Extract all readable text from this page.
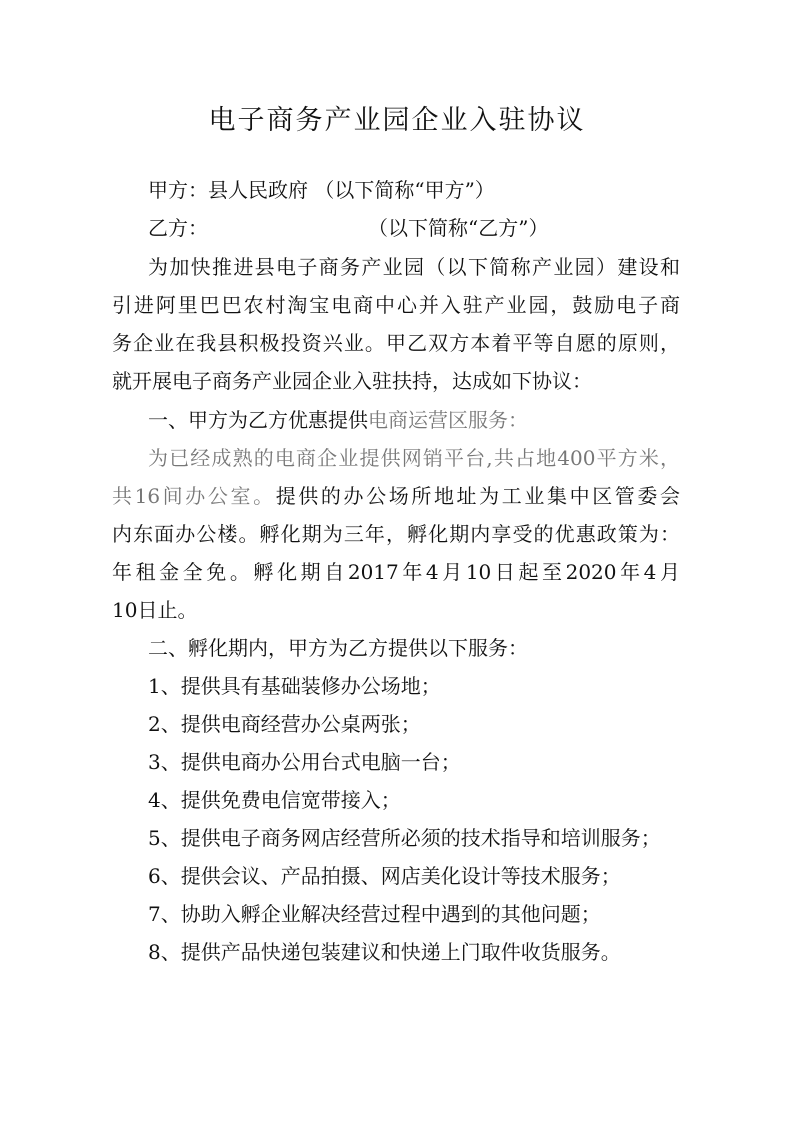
电子商务产业园企业入驻协议
甲方：县人民政府 （以下简称“甲方”）
乙方：	（以下简称“乙方”）
为加快推进县电子商务产业园（以下简称产业园）建设和
引进阿里巴巴农村淘宝电商中心并入驻产业园，鼓励电子商
务企业在我县积极投资兴业。甲乙双方本着平等自愿的原则，
就开展电子商务产业园企业入驻扶持，达成如下协议：
一、甲方为乙方优惠提供电商运营区服务：
为已经成熟的电商企业提供网销平台,共占地400平方米，
共16间办公室。提供的办公场所地址为工业集中区管委会
内东面办公楼。孵化期为三年，孵化期内享受的优惠政策为：
年租金全免。孵化期自2017年4月10日起至2020年4月
10日止。
二、孵化期内，甲方为乙方提供以下服务：
1、提供具有基础装修办公场地；
2、提供电商经营办公桌两张；
3、提供电商办公用台式电脑一台；
4、提供免费电信宽带接入；
5、提供电子商务网店经营所必须的技术指导和培训服务；
6、提供会议、产品拍摄、网店美化设计等技术服务；
7、协助入孵企业解决经营过程中遇到的其他问题；
8、提供产品快递包装建议和快递上门取件收货服务。
